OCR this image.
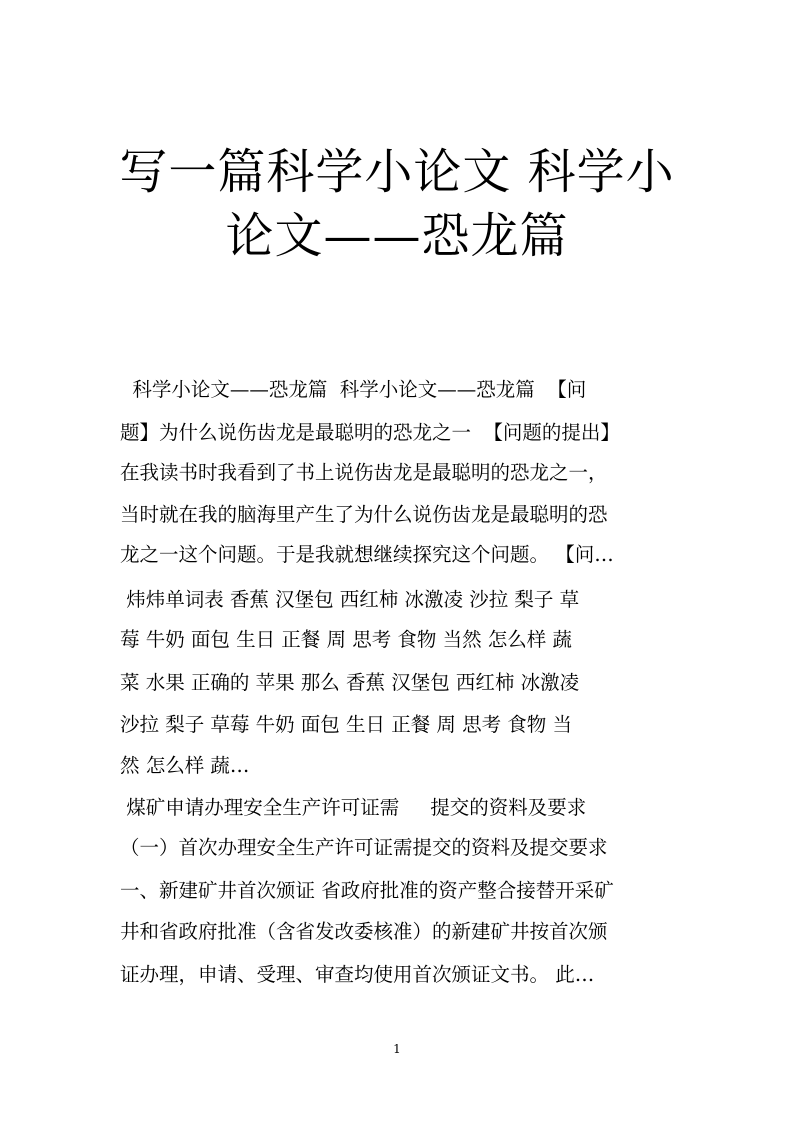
写一篇科学小论文 科学小
论文——恐龙篇
科学小论文——恐龙篇  科学小论文——恐龙篇  【问
题】为什么说伤齿龙是最聪明的恐龙之一  【问题的提出】
在我读书时我看到了书上说伤齿龙是最聪明的恐龙之一，
当时就在我的脑海里产生了为什么说伤齿龙是最聪明的恐
龙之一这个问题。于是我就想继续探究这个问题。 【问…
炜炜单词表 香蕉 汉堡包 西红柿 冰激凌 沙拉 梨子 草
莓 牛奶 面包 生日 正餐 周 思考 食物 当然 怎么样 蔬
菜 水果 正确的 苹果 那么 香蕉 汉堡包 西红柿 冰激凌
沙拉 梨子 草莓 牛奶 面包 生日 正餐 周 思考 食物 当
然 怎么样 蔬…
煤矿申请办理安全生产许可证需     提交的资料及要求
（一）首次办理安全生产许可证需提交的资料及提交要求
一、新建矿井首次颁证 省政府批准的资产整合接替开采矿
井和省政府批准（含省发改委核准）的新建矿井按首次颁
证办理，申请、受理、审查均使用首次颁证文书。 此…
1
